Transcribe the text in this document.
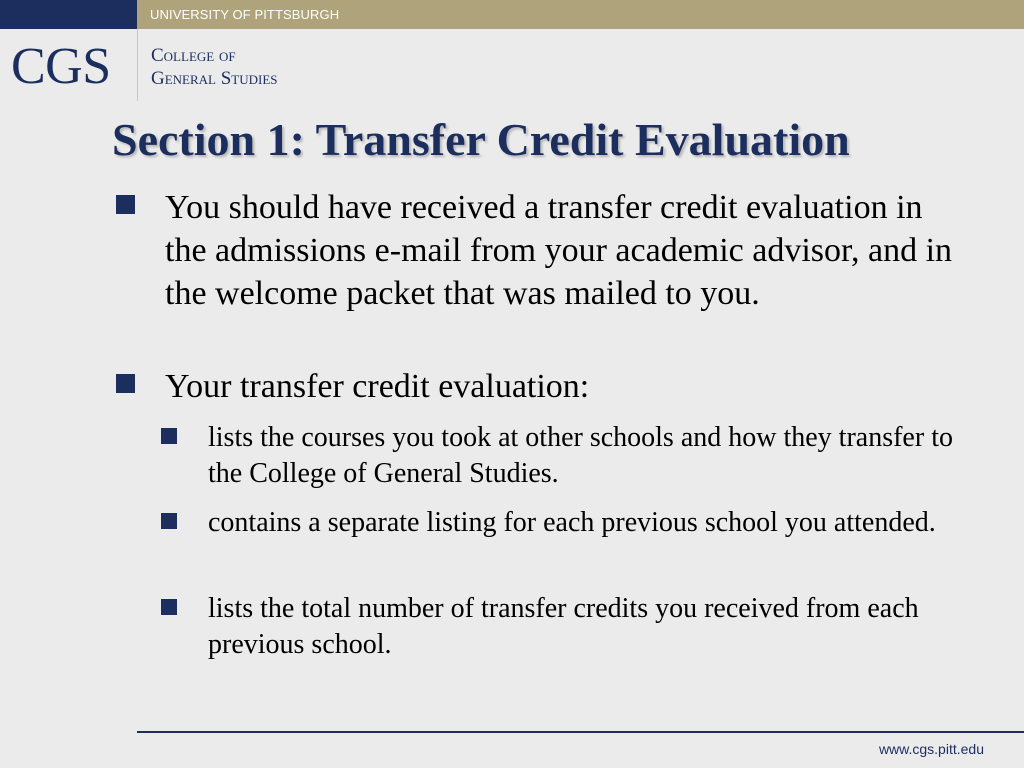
UNIVERSITY OF PITTSBURGH
CGS College of
General Studies
Section 1: Transfer Credit Evaluation
You should have received a transfer credit evaluation in the admissions e-mail from your academic advisor, and in the welcome packet that was mailed to you.
Your transfer credit evaluation:
lists the courses you took at other schools and how they transfer to the College of General Studies.
contains a separate listing for each previous school you attended.
lists the total number of transfer credits you received from each previous school.
www.cgs.pitt.edu
